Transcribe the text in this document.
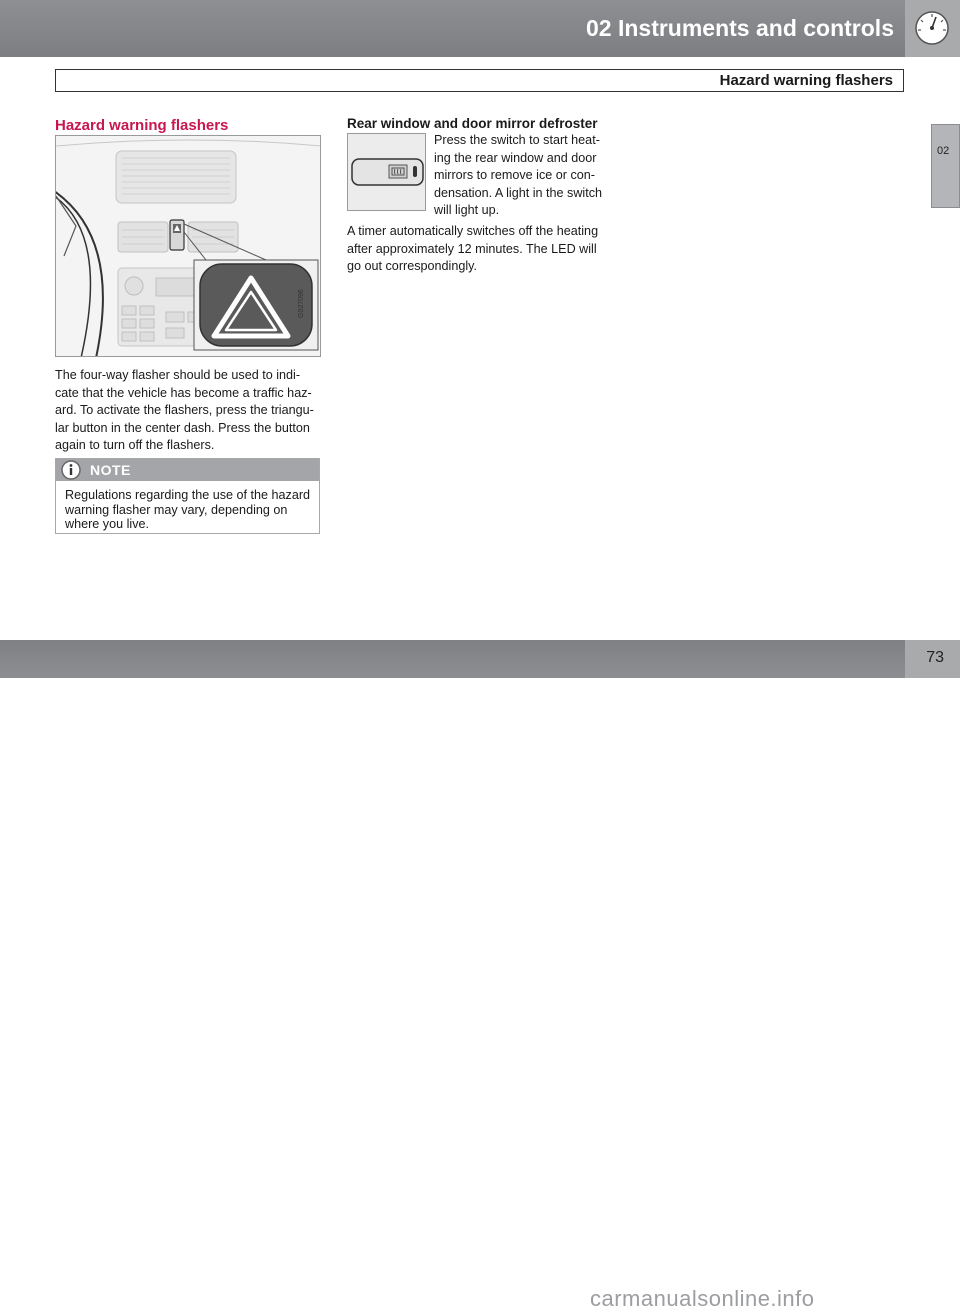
02 Instruments and controls
Hazard warning flashers
02
Hazard warning flashers
G027096
The four-way flasher should be used to indi-
cate that the vehicle has become a traffic haz-
ard. To activate the flashers, press the triangu-
lar button in the center dash. Press the button
again to turn off the flashers.
NOTE
Regulations regarding the use of the hazard
warning flasher may vary, depending on
where you live.
Rear window and door mirror defroster
Press the switch to start heat-
ing the rear window and door
mirrors to remove ice or con-
densation. A light in the switch
will light up.
A timer automatically switches off the heating
after approximately 12 minutes. The LED will
go out correspondingly.
carmanualsonline.info
73
